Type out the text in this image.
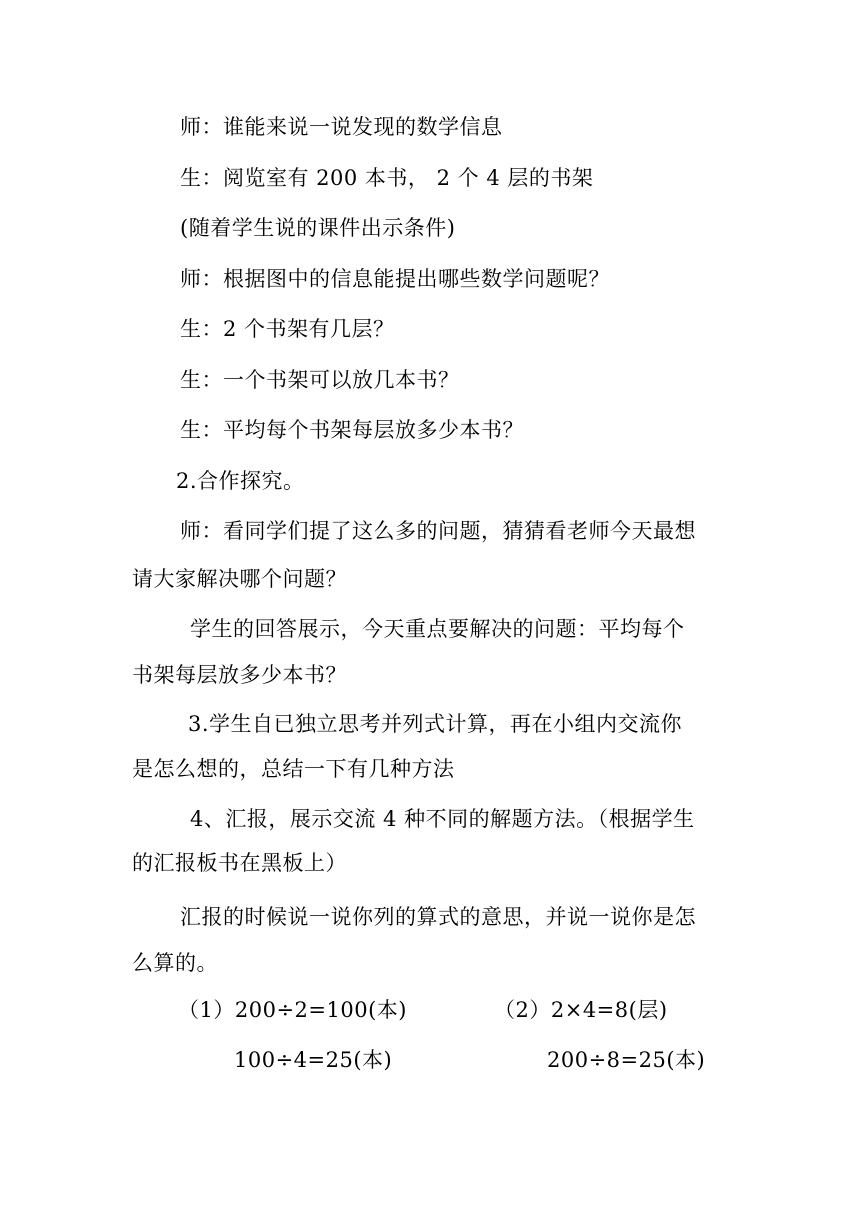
师：谁能来说一说发现的数学信息
生：阅览室有 200 本书， 2 个 4 层的书架
(随着学生说的课件出示条件)
师：根据图中的信息能提出哪些数学问题呢？
生：2 个书架有几层？
生：一个书架可以放几本书？
生：平均每个书架每层放多少本书？
2.合作探究。
师：看同学们提了这么多的问题，猜猜看老师今天最想
请大家解决哪个问题？
学生的回答展示，今天重点要解决的问题：平均每个
书架每层放多少本书？
3.学生自已独立思考并列式计算，再在小组内交流你
是怎么想的，总结一下有几种方法
4、汇报，展示交流 4 种不同的解题方法。（根据学生
的汇报板书在黑板上）
汇报的时候说一说你列的算式的意思，并说一说你是怎
么算的。
（1）200÷2=100(本)
100÷4=25(本)
（2）2×4=8(层)
200÷8=25(本)
